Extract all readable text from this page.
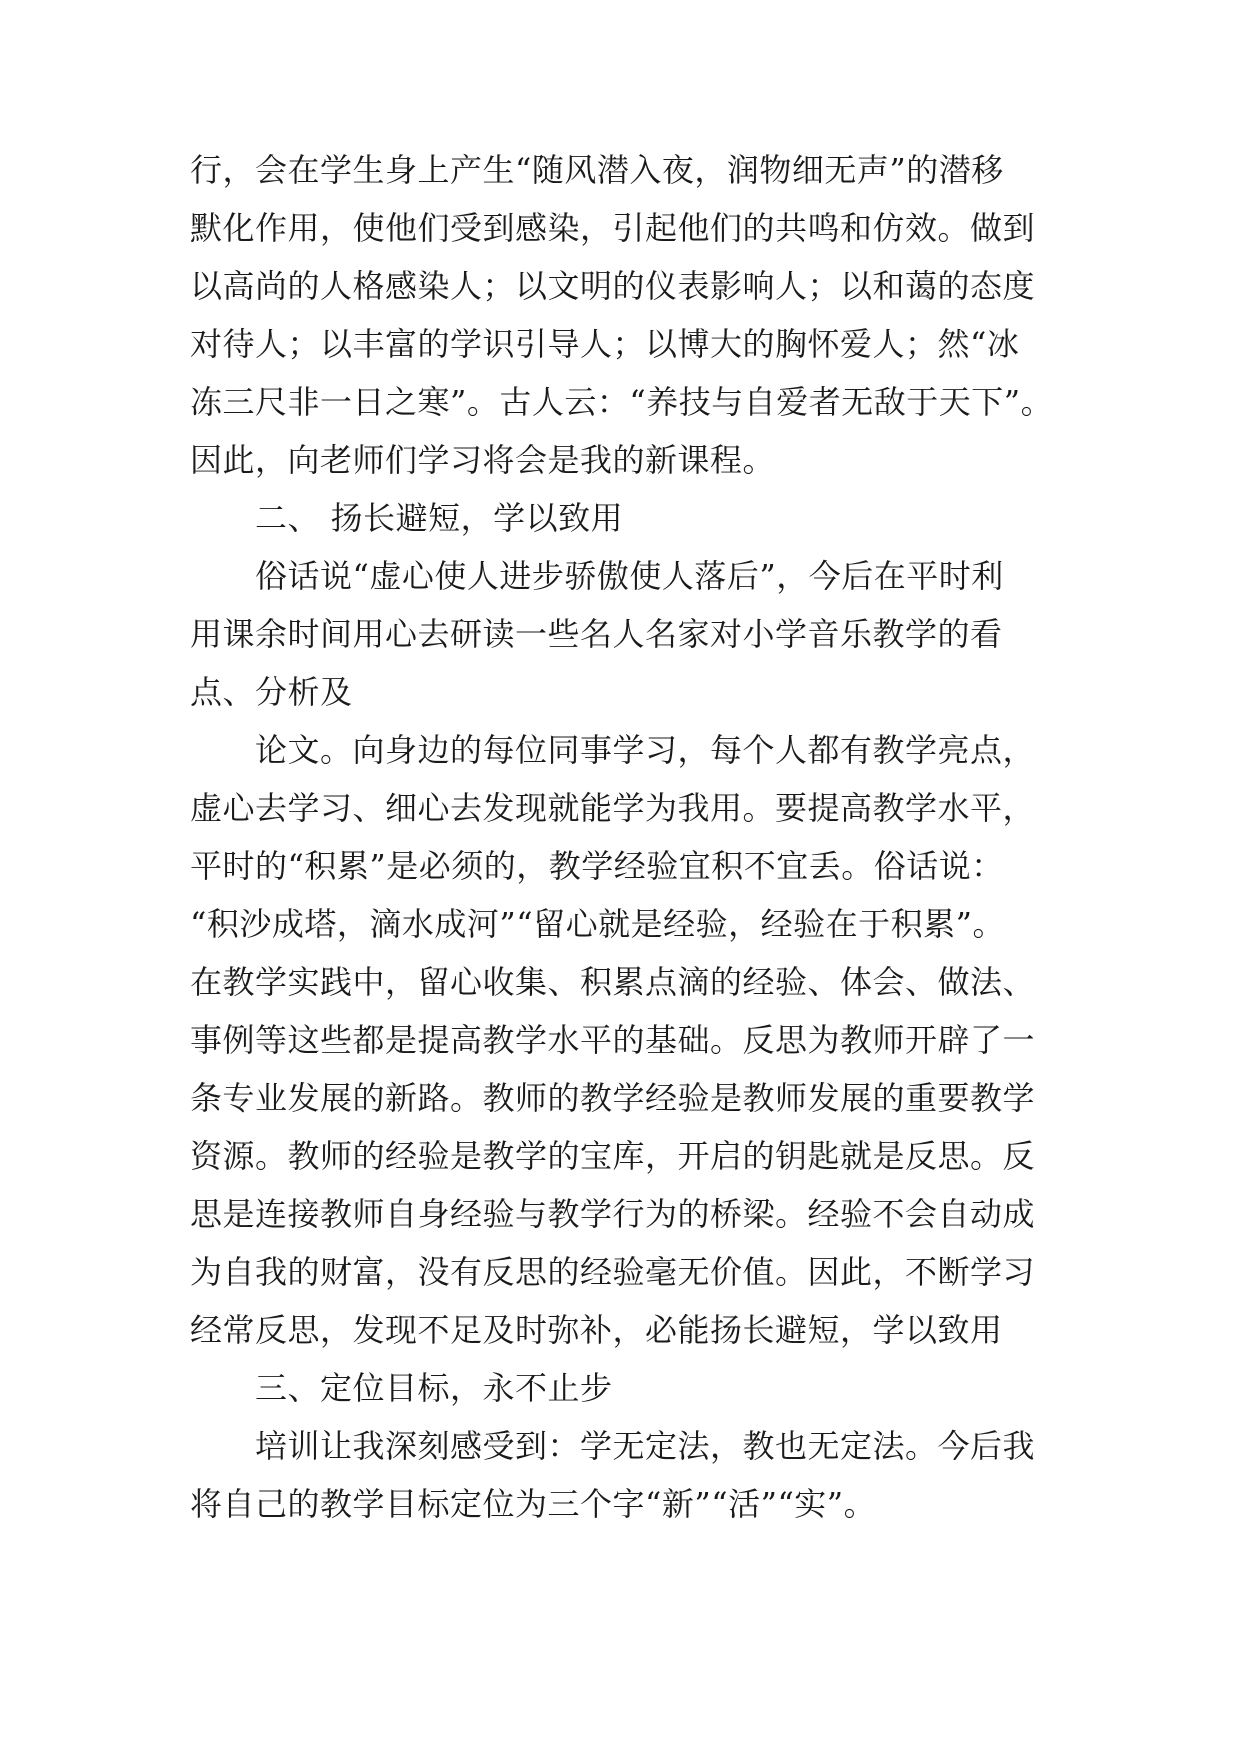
行，会在学生身上产生“随风潜入夜，润物细无声”的潜移
默化作用，使他们受到感染，引起他们的共鸣和仿效。做到
以高尚的人格感染人；以文明的仪表影响人；以和蔼的态度
对待人；以丰富的学识引导人；以博大的胸怀爱人；然“冰
冻三尺非一日之寒”。古人云：“养技与自爱者无敌于天下”。
因此，向老师们学习将会是我的新课程。
二、 扬长避短，学以致用
俗话说“虚心使人进步骄傲使人落后”，今后在平时利
用课余时间用心去研读一些名人名家对小学音乐教学的看
点、分析及
论文。向身边的每位同事学习，每个人都有教学亮点，
虚心去学习、细心去发现就能学为我用。要提高教学水平，
平时的“积累”是必须的，教学经验宜积不宜丢。俗话说：
“积沙成塔，滴水成河”“留心就是经验，经验在于积累”。
在教学实践中，留心收集、积累点滴的经验、体会、做法、
事例等这些都是提高教学水平的基础。反思为教师开辟了一
条专业发展的新路。教师的教学经验是教师发展的重要教学
资源。教师的经验是教学的宝库，开启的钥匙就是反思。反
思是连接教师自身经验与教学行为的桥梁。经验不会自动成
为自我的财富，没有反思的经验毫无价值。因此，不断学习
经常反思，发现不足及时弥补，必能扬长避短，学以致用
三、定位目标，永不止步
培训让我深刻感受到：学无定法，教也无定法。今后我
将自己的教学目标定位为三个字“新”“活”“实”。
